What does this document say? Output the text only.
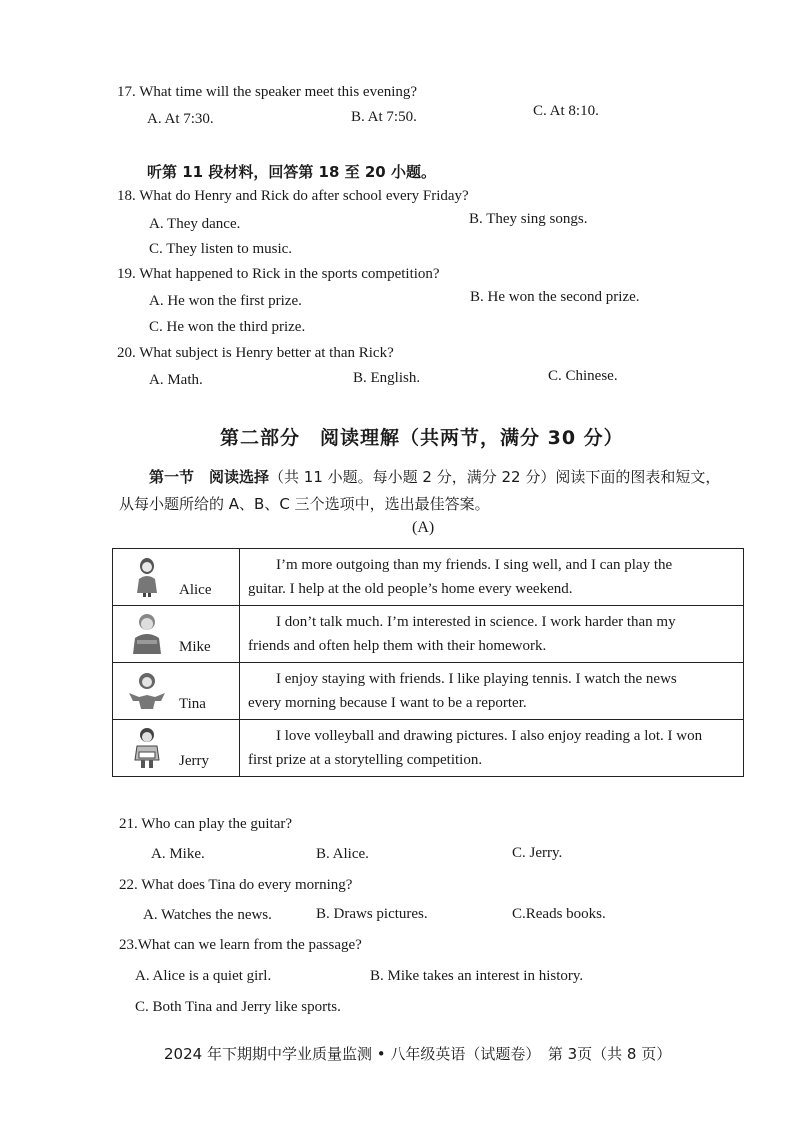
17. What time will the speaker meet this evening?
A. At 7:30.	B. At 7:50.	C. At 8:10.
听第 11 段材料，回答第 18 至 20 小题。
18. What do Henry and Rick do after school every Friday?
A. They dance.	B. They sing songs.
C. They listen to music.
19. What happened to Rick in the sports competition?
A. He won the first prize.	B. He won the second prize.
C. He won the third prize.
20. What subject is Henry better at than Rick?
A. Math.	B. English.	C. Chinese.
第二部分　阅读理解（共两节，满分 30 分）
第一节　阅读选择（共 11 小题。每小题 2 分，满分 22 分）阅读下面的图表和短文，
从每小题所给的 A、B、C 三个选项中，选出最佳答案。
(A)
Alice	I’m more outgoing than my friends. I sing well, and I can play the
guitar. I help at the old people’s home every weekend.

Mike	I don’t talk much. I’m interested in science. I work harder than my
friends and often help them with their homework.

Tina	I enjoy staying with friends. I like playing tennis. I watch the news
every morning because I want to be a reporter.

Jerry	I love volleyball and drawing pictures. I also enjoy reading a lot. I won
first prize at a storytelling competition.
21. Who can play the guitar?
A. Mike.	B. Alice.	C. Jerry.
22. What does Tina do every morning?
A. Watches the news.	B. Draws pictures.	C.Reads books.
23.What can we learn from the passage?
A. Alice is a quiet girl.	B. Mike takes an interest in history.
C. Both Tina and Jerry like sports.
2024 年下期期中学业质量监测 • 八年级英语（试题卷）　第 3页（共 8 页）
